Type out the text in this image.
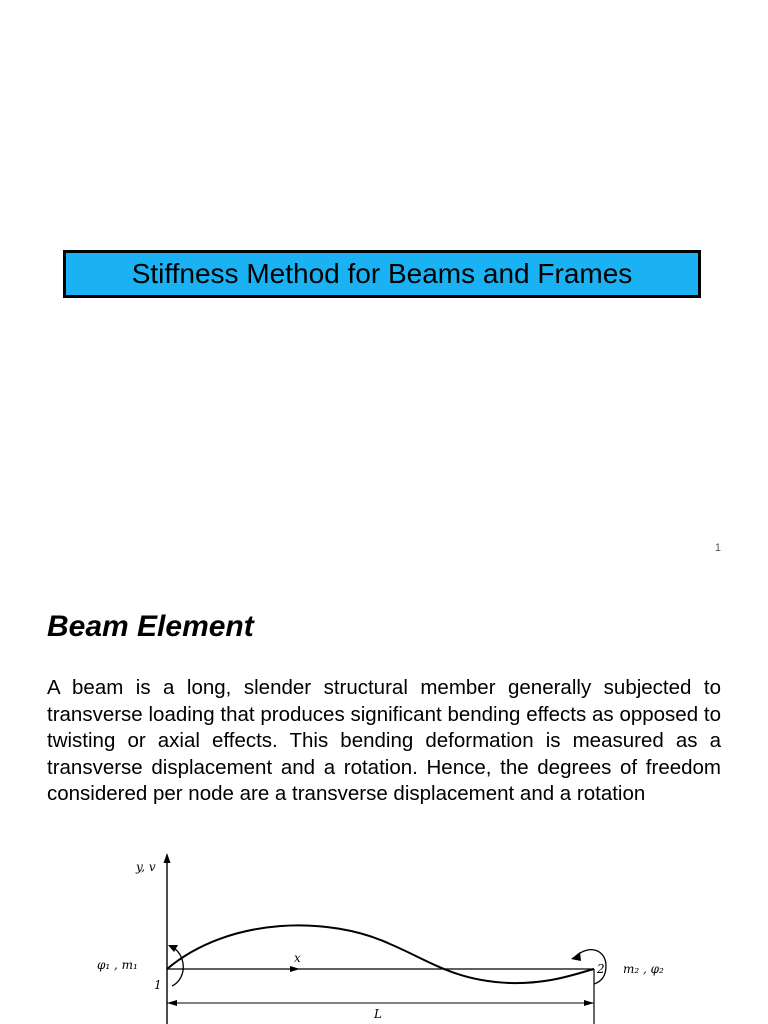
Stiffness Method for Beams and Frames
1
Beam Element

A beam is a long, slender structural member generally subjected to transverse loading that produces significant bending effects as opposed to twisting or axial effects. This bending deformation is measured as a transverse displacement and a rotation. Hence, the degrees of freedom considered per node are a transverse displacement and a rotation

y, v
x
φ₁ , m₁
1
2 m₂ , φ₂
L
